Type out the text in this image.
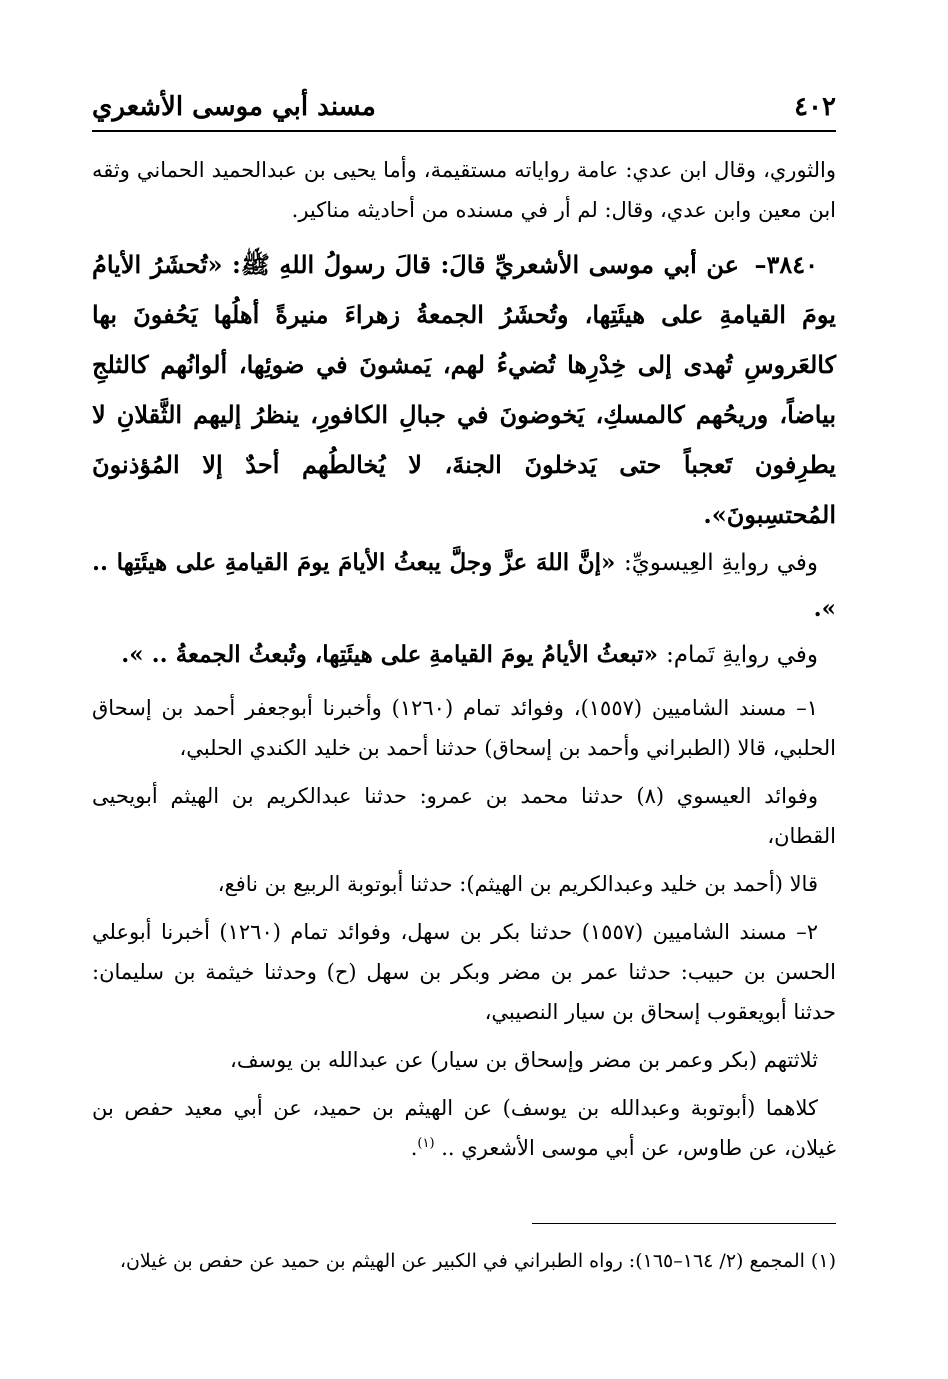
٤٠٢
مسند أبي موسى الأشعري

والثوري، وقال ابن عدي: عامة رواياته مستقيمة، وأما يحيى بن عبدالحميد الحماني وثقه ابن معين وابن عدي، وقال: لم أر في مسنده من أحاديثه مناكير.

٣٨٤٠– عن أبي موسى الأشعريِّ قالَ: قالَ رسولُ اللهِ ﷺ: «تُحشَرُ الأيامُ يومَ القيامةِ على هيئَتِها، وتُحشَرُ الجمعةُ زهراءَ منيرةً أهلُها يَحُفونَ بها كالعَروسِ تُهدى إلى خِدْرِها تُضيءُ لهم، يَمشونَ في ضوئِها، ألوانُهم كالثلجِ بياضاً، وريحُهم كالمسكِ، يَخوضونَ في جبالِ الكافورِ، ينظرُ إليهم الثَّقلانِ لا يطرِفون تَعجباً حتى يَدخلونَ الجنةَ، لا يُخالطُهم أحدٌ إلا المُؤذنونَ المُحتسِبونَ».

وفي روايةِ العِيسويِّ: «إنَّ اللهَ عزَّ وجلَّ يبعثُ الأيامَ يومَ القيامةِ على هيئَتِها .. ».

وفي روايةِ تَمام: «تبعثُ الأيامُ يومَ القيامةِ على هيئَتِها، وتُبعثُ الجمعةُ .. ».

١– مسند الشاميين (١٥٥٧)، وفوائد تمام (١٢٦٠) وأخبرنا أبوجعفر أحمد بن إسحاق الحلبي، قالا (الطبراني وأحمد بن إسحاق) حدثنا أحمد بن خليد الكندي الحلبي،

وفوائد العيسوي (٨) حدثنا محمد بن عمرو: حدثنا عبدالكريم بن الهيثم أبويحيى القطان،

قالا (أحمد بن خليد وعبدالكريم بن الهيثم): حدثنا أبوتوبة الربيع بن نافع،

٢– مسند الشاميين (١٥٥٧) حدثنا بكر بن سهل، وفوائد تمام (١٢٦٠) أخبرنا أبوعلي الحسن بن حبيب: حدثنا عمر بن مضر وبكر بن سهل (ح) وحدثنا خيثمة بن سليمان: حدثنا أبويعقوب إسحاق بن سيار النصيبي،

ثلاثتهم (بكر وعمر بن مضر وإسحاق بن سيار) عن عبدالله بن يوسف،

كلاهما (أبوتوبة وعبدالله بن يوسف) عن الهيثم بن حميد، عن أبي معيد حفص بن غيلان، عن طاوس، عن أبي موسى الأشعري .. $^{(١)}$.

(١) المجمع (٢/ ١٦٤–١٦٥): رواه الطبراني في الكبير عن الهيثم بن حميد عن حفص بن غيلان،
